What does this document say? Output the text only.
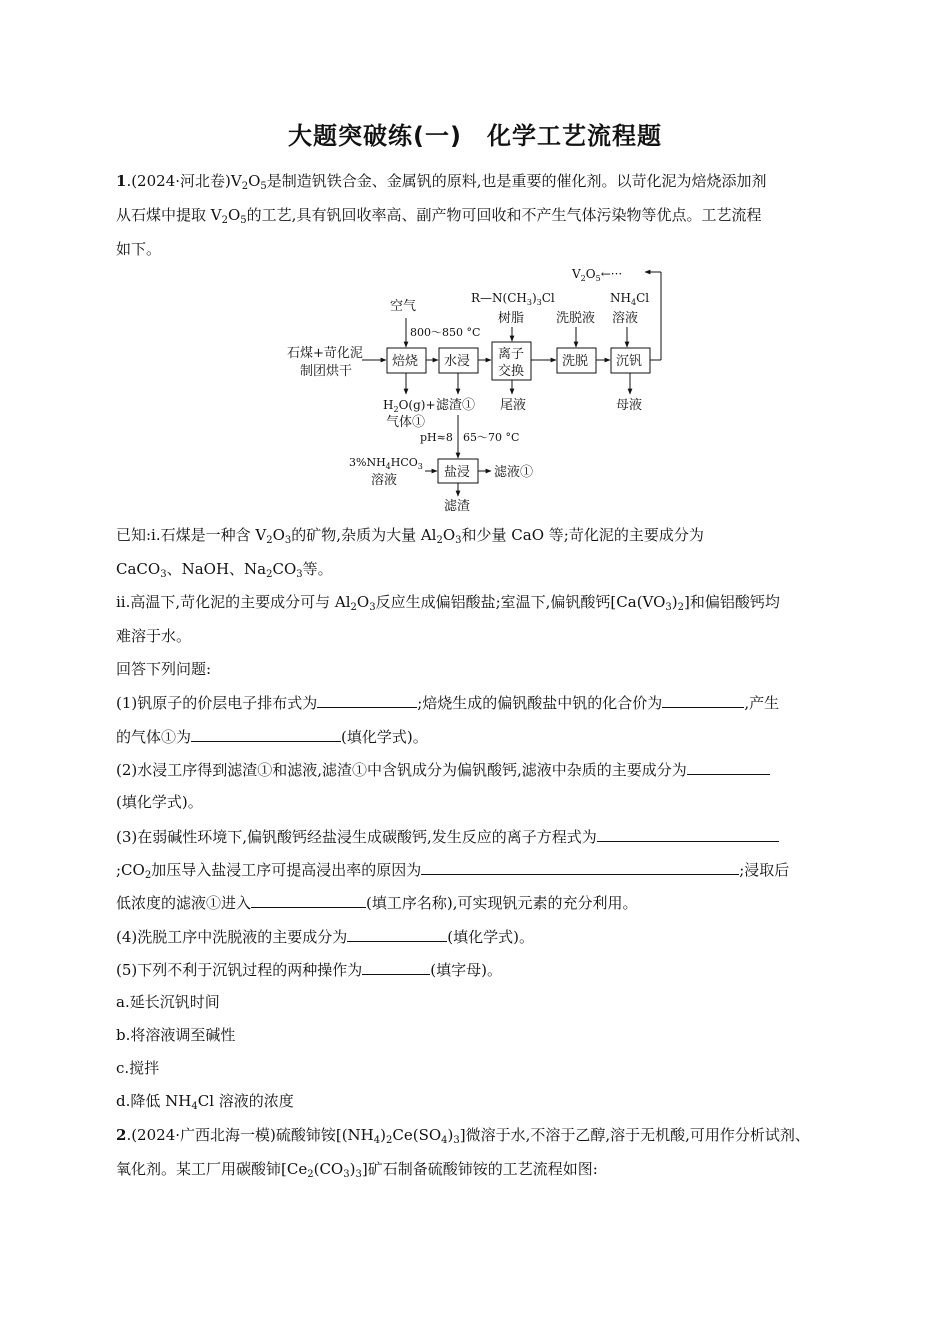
大题突破练(一)　化学工艺流程题
1.(2024·河北卷)$V_2O_5$是制造钒铁合金、金属钒的原料,也是重要的催化剂。以苛化泥为焙烧添加剂
从石煤中提取 $V_2O_5$的工艺,具有钒回收率高、副产物可回收和不产生气体污染物等优点。工艺流程
如下。
$V_2O_5\leftarrow\cdot\cdot\cdot$
$R—N(CH_3)_3Cl$
树脂
空气
800～850 °C
洗脱液
$NH_4Cl$
溶液
石煤+苛化泥
制团烘干
焙烧 水浸 离子
交换
洗脱 沉钒
$H_2O(g)+$
气体①
滤渣① 尾液	母液
pH≈8 65～70 °C
$3\%NH_4HCO_3$
溶液
盐浸 滤液①
滤渣
已知:i.石煤是一种含 $V_2O_3$的矿物,杂质为大量 $Al_2O_3$和少量 CaO 等;苛化泥的主要成分为
CaCO$_3$、NaOH、$Na_2CO_3$等。
ii.高温下,苛化泥的主要成分可与 $Al_2O_3$反应生成偏铝酸盐;室温下,偏钒酸钙$[Ca(VO_3)_2]$和偏铝酸钙均
难溶于水。
回答下列问题:
(1)钒原子的价层电子排布式为	;焙烧生成的偏钒酸盐中钒的化合价为	,产生
的气体①为	(填化学式)。
(2)水浸工序得到滤渣①和滤液,滤渣①中含钒成分为偏钒酸钙,滤液中杂质的主要成分为
(填化学式)。
(3)在弱碱性环境下,偏钒酸钙经盐浸生成碳酸钙,发生反应的离子方程式为
$;CO_2$加压导入盐浸工序可提高浸出率的原因为	;浸取后
低浓度的滤液①进入	(填工序名称),可实现钒元素的充分利用。
(4)洗脱工序中洗脱液的主要成分为	(填化学式)。
(5)下列不利于沉钒过程的两种操作为	(填字母)。
a.延长沉钒时间
b.将溶液调至碱性
c.搅拌
d.降低 $NH_4Cl$ 溶液的浓度
2.(2024·广西北海一模)硫酸铈铵$[(NH_4)_2Ce(SO_4)_3]$微溶于水,不溶于乙醇,溶于无机酸,可用作分析试剂、
氧化剂。某工厂用碳酸铈$[Ce_2(CO_3)_3]$矿石制备硫酸铈铵的工艺流程如图:
